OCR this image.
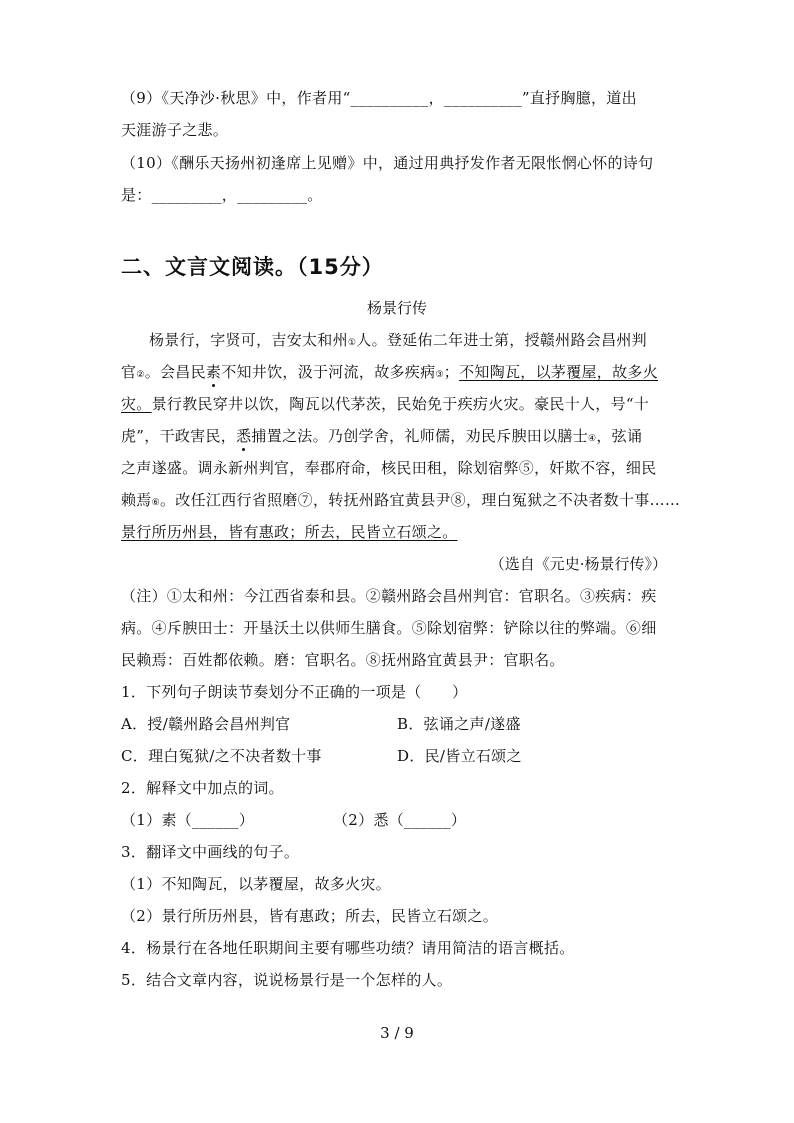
（9）《天净沙·秋思》中，作者用“__________，__________”直抒胸臆，道出
天涯游子之悲。
（10）《酬乐天扬州初逢席上见赠》中，通过用典抒发作者无限怅惘心怀的诗句
是：_________，_________。
二、文言文阅读。（15分）
杨景行传
杨景行，字贤可，吉安太和州①人。登延佑二年进士第，授赣州路会昌州判
官②。会昌民素不知井饮，汲于河流，故多疾病③；不知陶瓦，以茅覆屋，故多火
灾。景行教民穿井以饮，陶瓦以代茅茨，民始免于疾疠火灾。豪民十人，号“十
虎”，干政害民，悉捕置之法。乃创学舍，礼师儒，劝民斥腴田以膳士④，弦诵
之声遂盛。调永新州判官，奉郡府命，核民田租，除划宿弊⑤，奸欺不容，细民
赖焉⑥。改任江西行省照磨⑦，转抚州路宜黄县尹⑧，理白冤狱之不决者数十事……
景行所历州县，皆有惠政；所去，民皆立石颂之。
（选自《元史·杨景行传》）
（注）①太和州：今江西省泰和县。②赣州路会昌州判官：官职名。③疾病：疾
病。④斥腴田士：开垦沃土以供师生膳食。⑤除划宿弊：铲除以往的弊端。⑥细
民赖焉：百姓都依赖。磨：官职名。⑧抚州路宜黄县尹：官职名。
1．下列句子朗读节奏划分不正确的一项是（　　）
A．授/赣州路会昌州判官	B．弦诵之声/遂盛
C．理白冤狱/之不决者数十事	D．民/皆立石颂之
2．解释文中加点的词。
（1）素（______）	（2）悉（______）
3．翻译文中画线的句子。
（1）不知陶瓦，以茅覆屋，故多火灾。
（2）景行所历州县，皆有惠政；所去，民皆立石颂之。
4．杨景行在各地任职期间主要有哪些功绩？请用简洁的语言概括。
5．结合文章内容，说说杨景行是一个怎样的人。
3 / 9
